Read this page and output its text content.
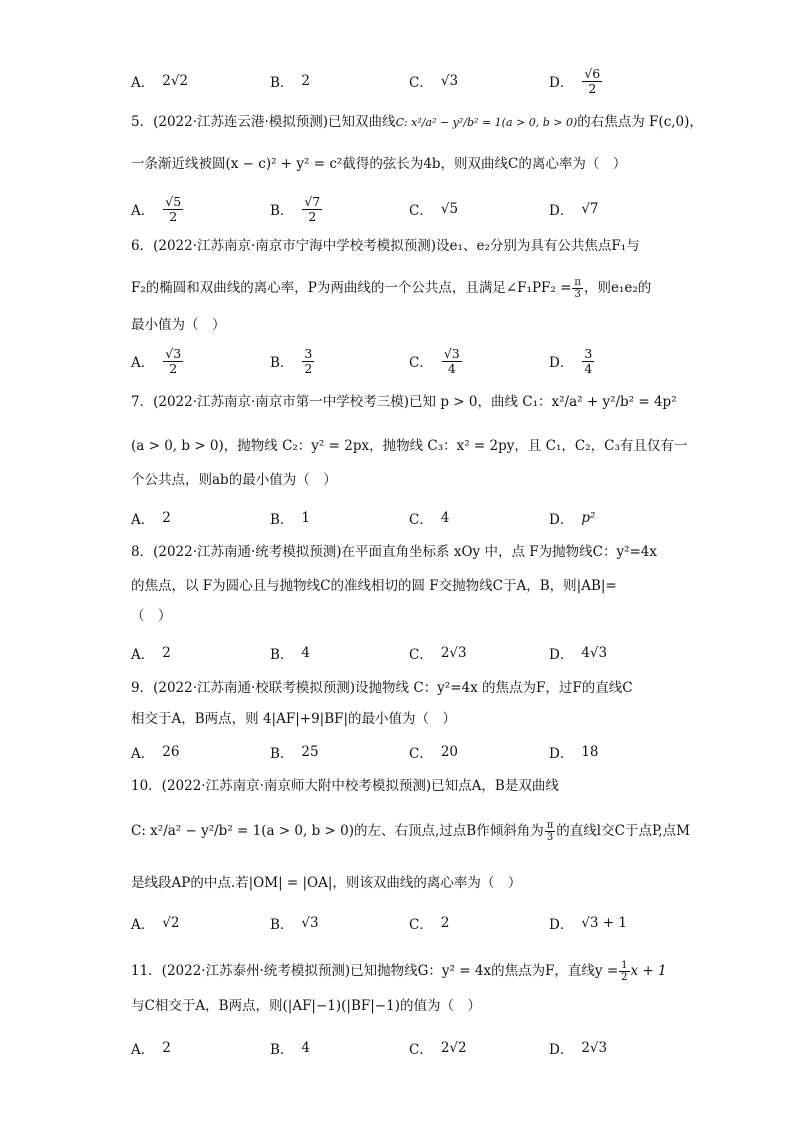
A． 2√2	B． 2	C． √3	D． $\frac{√6}{2}$
5．(2022·江苏连云港·模拟预测)已知双曲线C: x²/a² − y²/b² = 1(a > 0, b > 0)的右焦点为 F(c,0)，
一条渐近线被圆(x − c)² + y² = c²截得的弦长为4b，则双曲线C的离心率为（　）
A． $\frac{√5}{2}$	B． $\frac{√7}{2}$	C． √5	D． √7
6．(2022·江苏南京·南京市宁海中学校考模拟预测)设e₁、e₂分别为具有公共焦点F₁与
F₂的椭圆和双曲线的离心率，P为两曲线的一个公共点，且满足∠F₁PF₂ = $\frac{\pi}{3}$ ，则e₁e₂的
最小值为（　）
A． $\frac{√3}{2}$	B． $\frac{3}{2}$	C． $\frac{√3}{4}$	D． $\frac{3}{4}$
7．(2022·江苏南京·南京市第一中学校考三模)已知 p > 0，曲线 C₁：x²/a² + y²/b² = 4p²
(a > 0, b > 0)，抛物线 C₂：y² = 2px，抛物线 C₃：x² = 2py，且 C₁，C₂，C₃有且仅有一
个公共点，则ab的最小值为（　）
A． 2	B． 1	C． 4	D． p²
8．(2022·江苏南通·统考模拟预测)在平面直角坐标系 xOy 中，点 F为抛物线C：y²=4x
的焦点，以 F为圆心且与抛物线C的准线相切的圆 F交抛物线C于A，B，则|AB|=
（　）
A． 2	B． 4	C． 2√3	D． 4√3
9．(2022·江苏南通·校联考模拟预测)设抛物线 C：y²=4x 的焦点为F，过F的直线C
相交于A，B两点，则 4|AF|+9|BF|的最小值为（　）
A． 26	B． 25	C． 20	D． 18
10．(2022·江苏南京·南京师大附中校考模拟预测)已知点A，B是双曲线
C: x²/a² − y²/b² = 1(a > 0, b > 0)的左、右顶点,过点B作倾斜角为 $\frac{\pi}{3}$ 的直线l交C于点P,点M
是线段AP的中点.若|OM| = |OA|，则该双曲线的离心率为（　）
A． √2	B． √3	C． 2	D． √3 + 1
11．(2022·江苏泰州·统考模拟预测)已知抛物线G：y² = 4x的焦点为F，直线$y = \frac{1}{2}$ x + 1
与C相交于A，B两点，则(|AF|−1)(|BF|−1)的值为（　）
A． 2	B． 4	C． 2√2	D． 2√3
